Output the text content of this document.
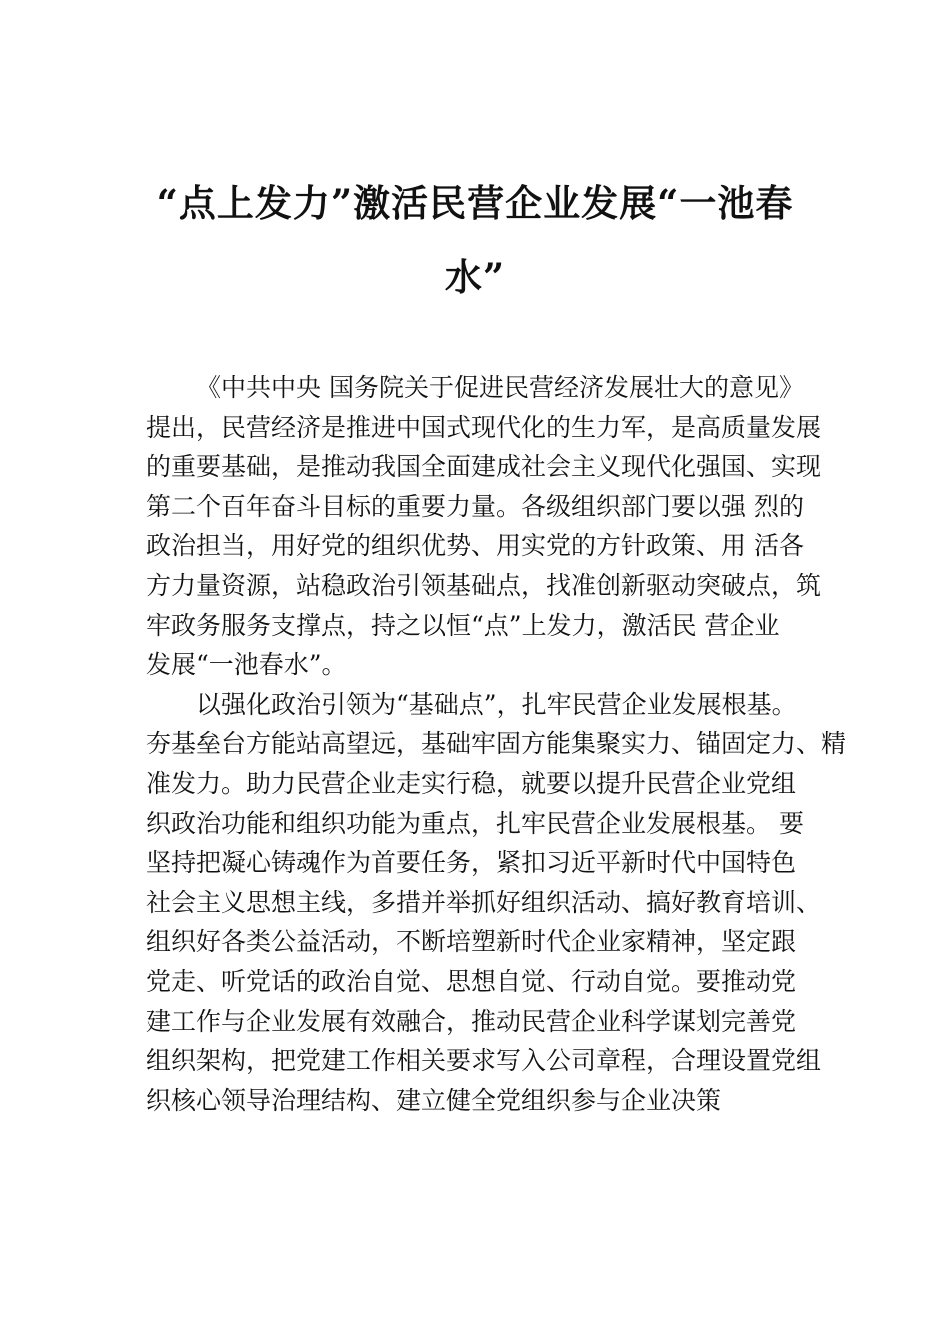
“点上发力”激活民营企业发展“一池春
水”
《中共中央 国务院关于促进民营经济发展壮大的意见》
提出，民营经济是推进中国式现代化的生力军，是高质量发展
的重要基础，是推动我国全面建成社会主义现代化强国、实现
第二个百年奋斗目标的重要力量。各级组织部门要以强 烈的
政治担当，用好党的组织优势、用实党的方针政策、用 活各
方力量资源，站稳政治引领基础点，找准创新驱动突破点，筑
牢政务服务支撑点，持之以恒“点”上发力，激活民 营企业
发展“一池春水”。
以强化政治引领为“基础点”，扎牢民营企业发展根基。
夯基垒台方能站高望远，基础牢固方能集聚实力、锚固定力、精
准发力。助力民营企业走实行稳，就要以提升民营企业党组
织政治功能和组织功能为重点，扎牢民营企业发展根基。 要
坚持把凝心铸魂作为首要任务，紧扣习近平新时代中国特色
社会主义思想主线，多措并举抓好组织活动、搞好教育培训、
组织好各类公益活动，不断培塑新时代企业家精神，坚定跟
党走、听党话的政治自觉、思想自觉、行动自觉。要推动党
建工作与企业发展有效融合，推动民营企业科学谋划完善党
组织架构，把党建工作相关要求写入公司章程，合理设置党组
织核心领导治理结构、建立健全党组织参与企业决策
